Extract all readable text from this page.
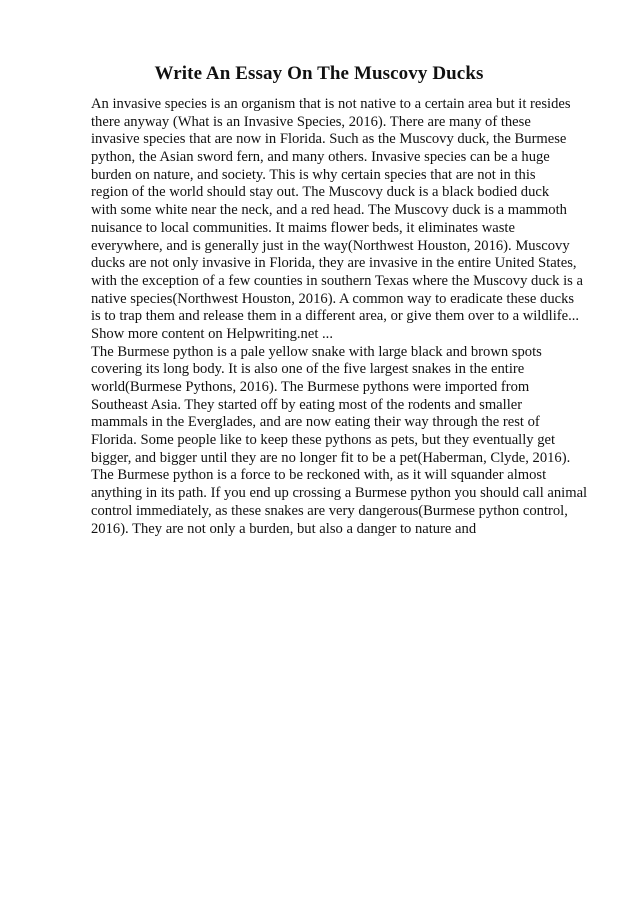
Write An Essay On The Muscovy Ducks
An invasive species is an organism that is not native to a certain area but it resides
there anyway (What is an Invasive Species, 2016). There are many of these
invasive species that are now in Florida. Such as the Muscovy duck, the Burmese
python, the Asian sword fern, and many others. Invasive species can be a huge
burden on nature, and society. This is why certain species that are not in this
region of the world should stay out. The Muscovy duck is a black bodied duck
with some white near the neck, and a red head. The Muscovy duck is a mammoth
nuisance to local communities. It maims flower beds, it eliminates waste
everywhere, and is generally just in the way(Northwest Houston, 2016). Muscovy
ducks are not only invasive in Florida, they are invasive in the entire United States,
with the exception of a few counties in southern Texas where the Muscovy duck is a
native species(Northwest Houston, 2016). A common way to eradicate these ducks
is to trap them and release them in a different area, or give them over to a wildlife...
Show more content on Helpwriting.net ...
The Burmese python is a pale yellow snake with large black and brown spots
covering its long body. It is also one of the five largest snakes in the entire
world(Burmese Pythons, 2016). The Burmese pythons were imported from
Southeast Asia. They started off by eating most of the rodents and smaller
mammals in the Everglades, and are now eating their way through the rest of
Florida. Some people like to keep these pythons as pets, but they eventually get
bigger, and bigger until they are no longer fit to be a pet(Haberman, Clyde, 2016).
The Burmese python is a force to be reckoned with, as it will squander almost
anything in its path. If you end up crossing a Burmese python you should call animal
control immediately, as these snakes are very dangerous(Burmese python control,
2016). They are not only a burden, but also a danger to nature and
